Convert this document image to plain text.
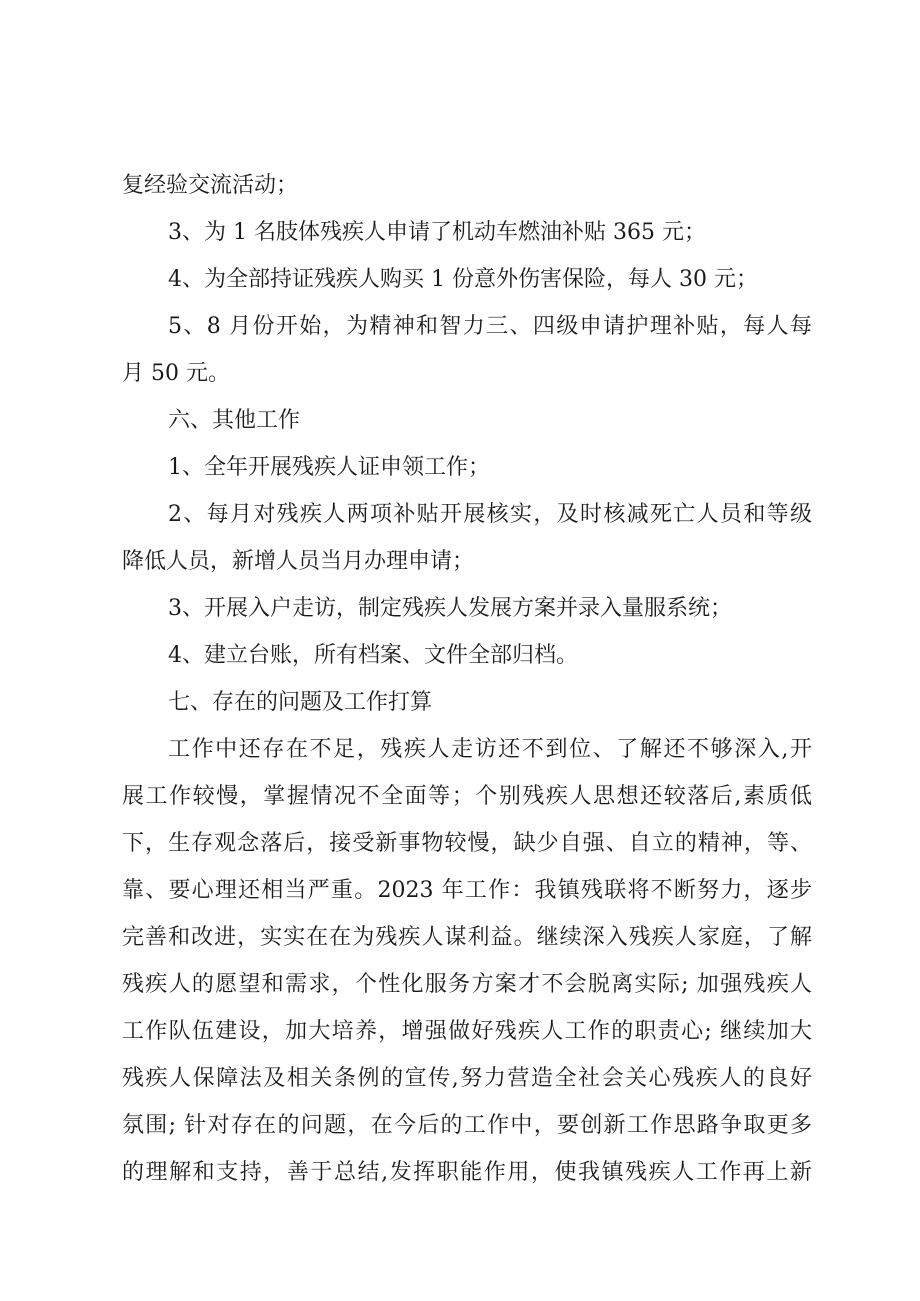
复经验交流活动；
3、为 1 名肢体残疾人申请了机动车燃油补贴 365 元；
4、为全部持证残疾人购买 1 份意外伤害保险，每人 30 元；
5、8 月份开始，为精神和智力三、四级申请护理补贴，每人每
月 50 元。
六、其他工作
1、全年开展残疾人证申领工作；
2、每月对残疾人两项补贴开展核实，及时核减死亡人员和等级
降低人员，新增人员当月办理申请；
3、开展入户走访，制定残疾人发展方案并录入量服系统；
4、建立台账，所有档案、文件全部归档。
七、存在的问题及工作打算
工作中还存在不足，残疾人走访还不到位、了解还不够深入,开
展工作较慢，掌握情况不全面等；个别残疾人思想还较落后,素质低
下，生存观念落后，接受新事物较慢，缺少自强、自立的精神，等、
靠、要心理还相当严重。2023 年工作：我镇残联将不断努力，逐步
完善和改进，实实在在为残疾人谋利益。继续深入残疾人家庭，了解
残疾人的愿望和需求，个性化服务方案才不会脱离实际; 加强残疾人
工作队伍建设，加大培养，增强做好残疾人工作的职责心; 继续加大
残疾人保障法及相关条例的宣传,努力营造全社会关心残疾人的良好
氛围; 针对存在的问题，在今后的工作中，要创新工作思路争取更多
的理解和支持，善于总结,发挥职能作用，使我镇残疾人工作再上新
